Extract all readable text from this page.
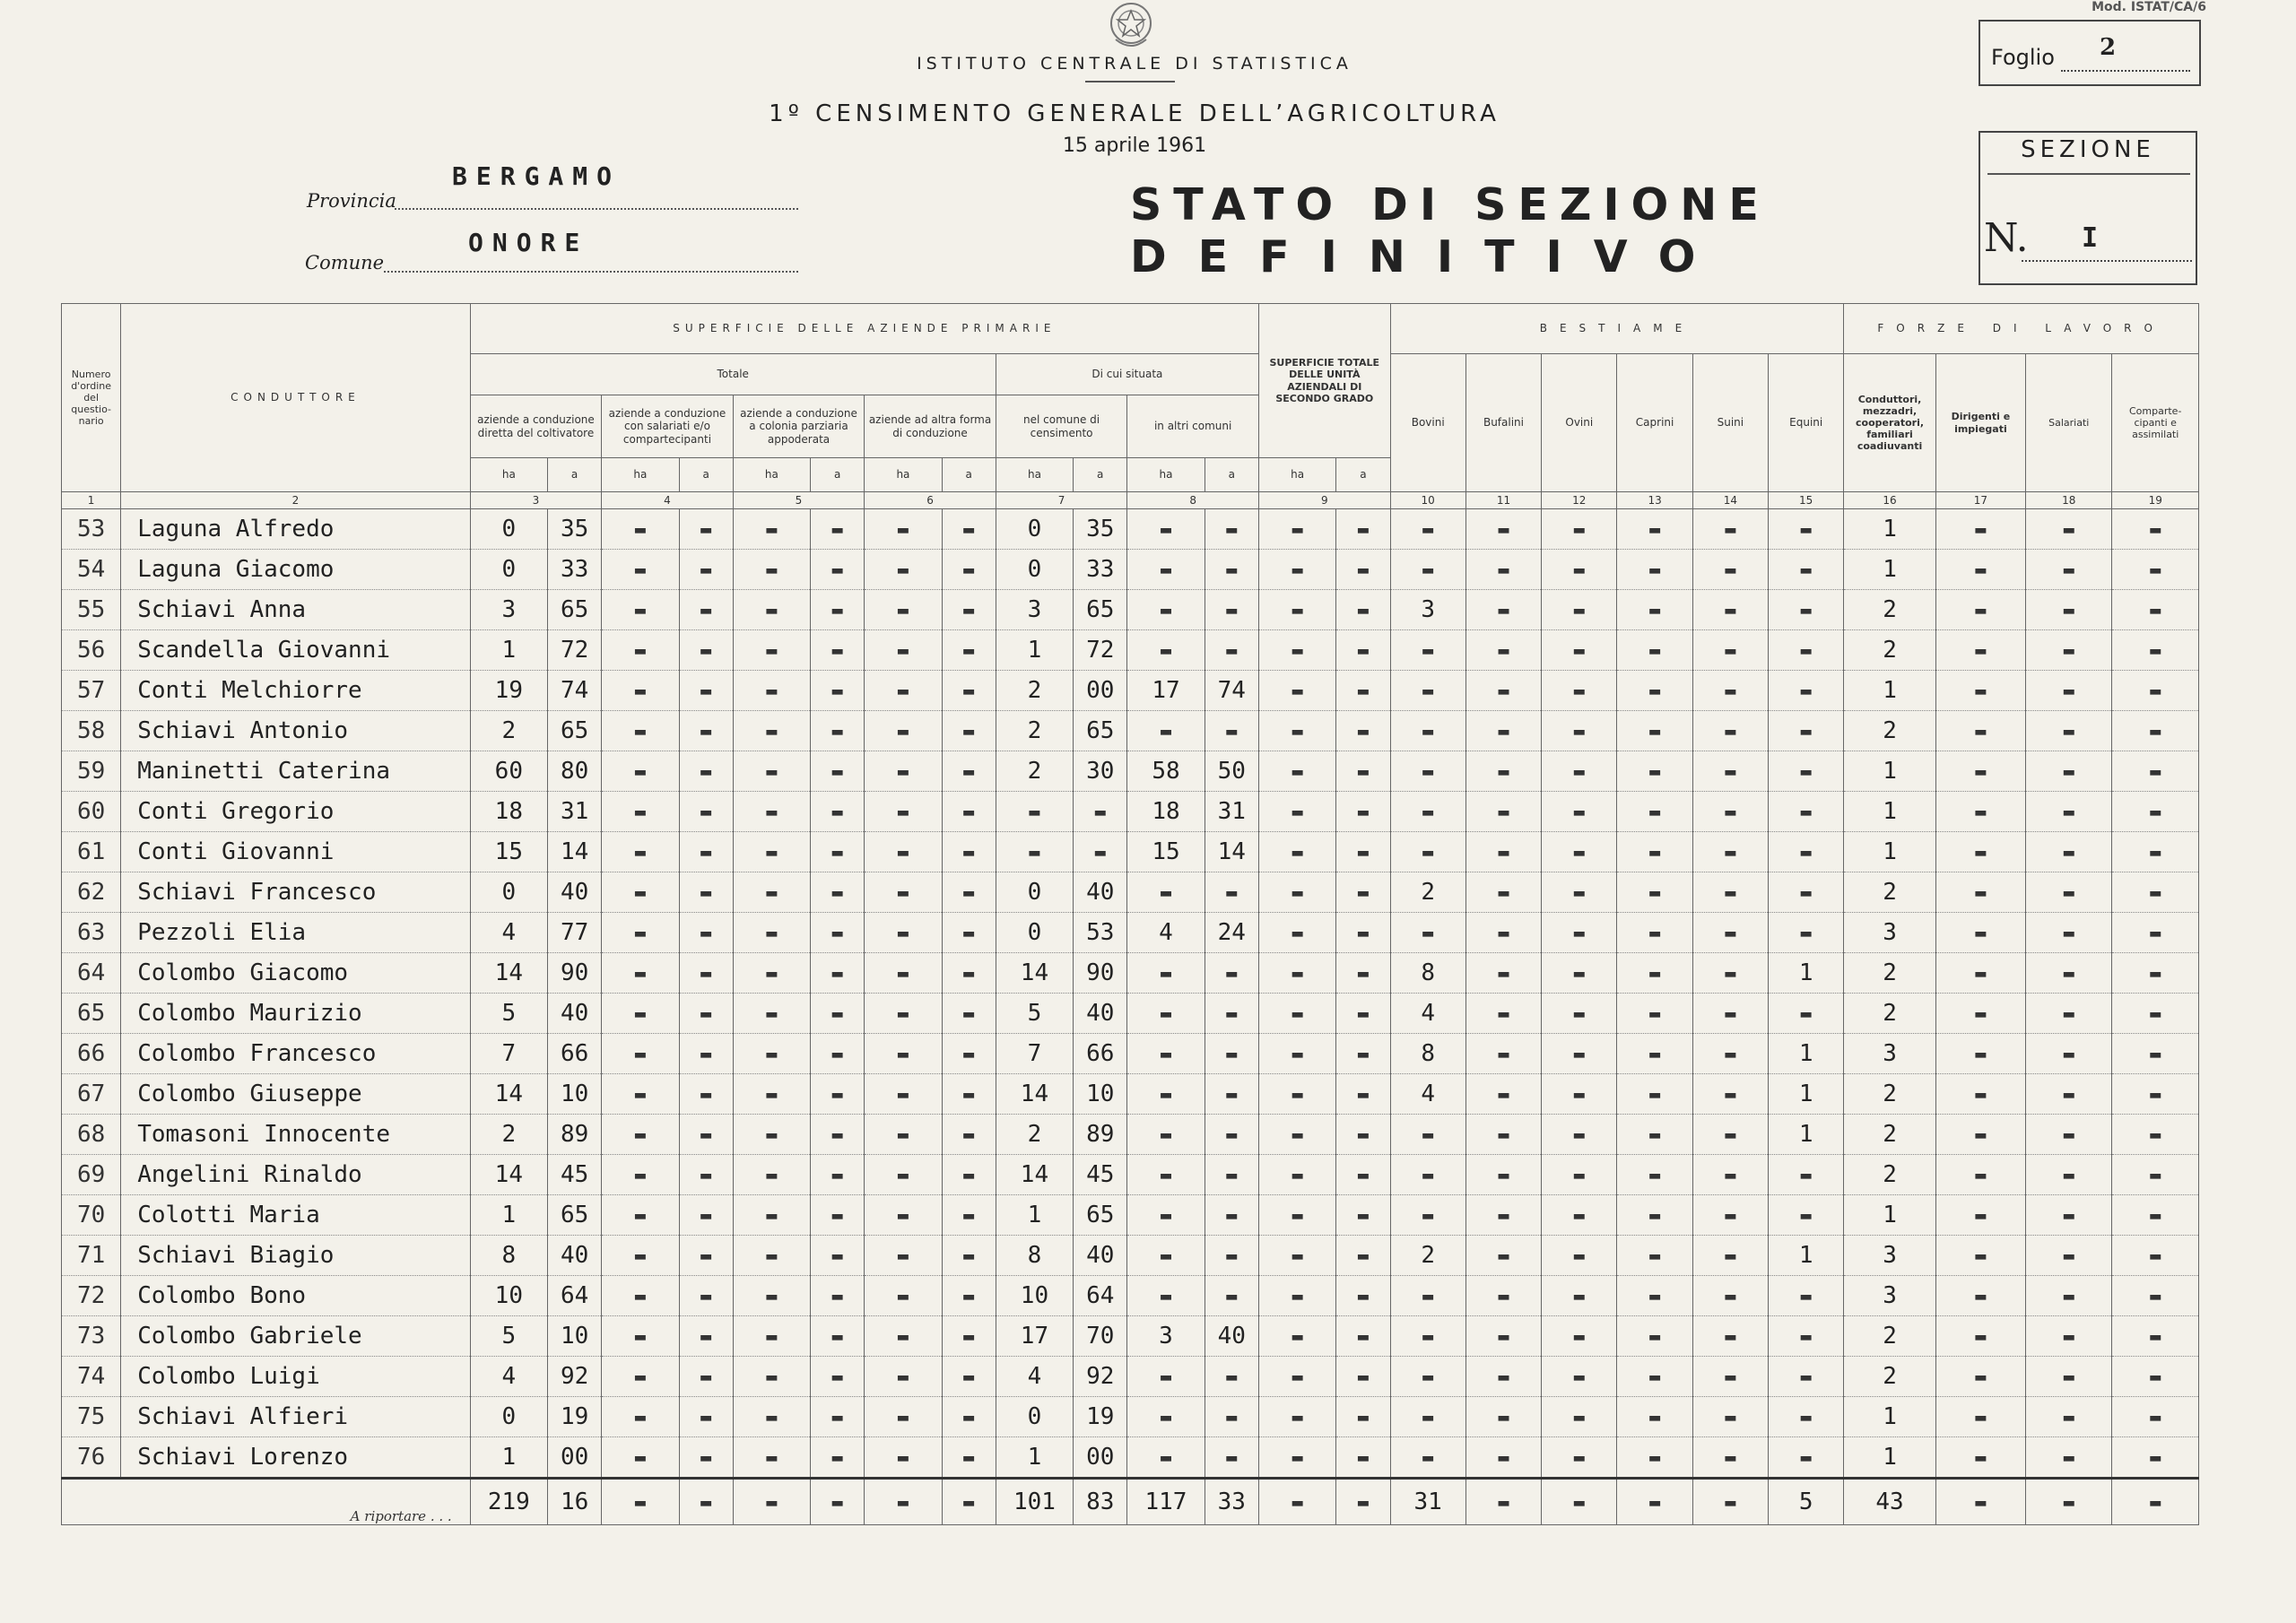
Mod. ISTAT/CA/6
ISTITUTO CENTRALE DI STATISTICA
1º CENSIMENTO GENERALE DELL’AGRICOLTURA
15 aprile 1961
Foglio	2
SEZIONE
N.	I
Provincia
BERGAMO
Comune
ONORE
STATO DI SEZIONE
DEFINITIVO
Numero d'ordine del questio-nario	CONDUTTORE	SUPERFICIE DELLE AZIENDE PRIMARIE												SUPERFICIE TOTALE DELLE UNITÀ AZIENDALI DI SECONDO GRADO		BESTIAME						FORZE DI LAVORO			
		Totale								Di cui situata						Bovini	Bufalini	Ovini	Caprini	Suini	Equini	Conduttori, mezzadri, cooperatori, familiari coadiuvanti	Dirigenti e impiegati	Salariati	Comparte-cipanti e assimilati
		aziende a conduzione diretta del coltivatore		aziende a conduzione con salariati e/o compartecipanti		aziende a conduzione a colonia parziaria appoderata		aziende ad altra forma di conduzione		nel comune di censimento		in altri comuni													
		ha	a	ha	a	ha	a	ha	a	ha	a	ha	a	ha	a										
1	2	3		4		5		6		7		8		9		10	11	12	13	14	15	16	17	18	19
53	Laguna Alfredo	0	35	▬	▬	▬	▬	▬	▬	0	35	▬	▬	▬	▬	▬	▬	▬	▬	▬	▬	1	▬	▬	▬
54	Laguna Giacomo	0	33	▬	▬	▬	▬	▬	▬	0	33	▬	▬	▬	▬	▬	▬	▬	▬	▬	▬	1	▬	▬	▬
55	Schiavi Anna	3	65	▬	▬	▬	▬	▬	▬	3	65	▬	▬	▬	▬	3	▬	▬	▬	▬	▬	2	▬	▬	▬
56	Scandella Giovanni	1	72	▬	▬	▬	▬	▬	▬	1	72	▬	▬	▬	▬	▬	▬	▬	▬	▬	▬	2	▬	▬	▬
57	Conti Melchiorre	19	74	▬	▬	▬	▬	▬	▬	2	00	17	74	▬	▬	▬	▬	▬	▬	▬	▬	1	▬	▬	▬
58	Schiavi Antonio	2	65	▬	▬	▬	▬	▬	▬	2	65	▬	▬	▬	▬	▬	▬	▬	▬	▬	▬	2	▬	▬	▬
59	Maninetti Caterina	60	80	▬	▬	▬	▬	▬	▬	2	30	58	50	▬	▬	▬	▬	▬	▬	▬	▬	1	▬	▬	▬
60	Conti Gregorio	18	31	▬	▬	▬	▬	▬	▬	▬	▬	18	31	▬	▬	▬	▬	▬	▬	▬	▬	1	▬	▬	▬
61	Conti Giovanni	15	14	▬	▬	▬	▬	▬	▬	▬	▬	15	14	▬	▬	▬	▬	▬	▬	▬	▬	1	▬	▬	▬
62	Schiavi Francesco	0	40	▬	▬	▬	▬	▬	▬	0	40	▬	▬	▬	▬	2	▬	▬	▬	▬	▬	2	▬	▬	▬
63	Pezzoli Elia	4	77	▬	▬	▬	▬	▬	▬	0	53	4	24	▬	▬	▬	▬	▬	▬	▬	▬	3	▬	▬	▬
64	Colombo Giacomo	14	90	▬	▬	▬	▬	▬	▬	14	90	▬	▬	▬	▬	8	▬	▬	▬	▬	1	2	▬	▬	▬
65	Colombo Maurizio	5	40	▬	▬	▬	▬	▬	▬	5	40	▬	▬	▬	▬	4	▬	▬	▬	▬	▬	2	▬	▬	▬
66	Colombo Francesco	7	66	▬	▬	▬	▬	▬	▬	7	66	▬	▬	▬	▬	8	▬	▬	▬	▬	1	3	▬	▬	▬
67	Colombo Giuseppe	14	10	▬	▬	▬	▬	▬	▬	14	10	▬	▬	▬	▬	4	▬	▬	▬	▬	1	2	▬	▬	▬
68	Tomasoni Innocente	2	89	▬	▬	▬	▬	▬	▬	2	89	▬	▬	▬	▬	▬	▬	▬	▬	▬	1	2	▬	▬	▬
69	Angelini Rinaldo	14	45	▬	▬	▬	▬	▬	▬	14	45	▬	▬	▬	▬	▬	▬	▬	▬	▬	▬	2	▬	▬	▬
70	Colotti Maria	1	65	▬	▬	▬	▬	▬	▬	1	65	▬	▬	▬	▬	▬	▬	▬	▬	▬	▬	1	▬	▬	▬
71	Schiavi Biagio	8	40	▬	▬	▬	▬	▬	▬	8	40	▬	▬	▬	▬	2	▬	▬	▬	▬	1	3	▬	▬	▬
72	Colombo Bono	10	64	▬	▬	▬	▬	▬	▬	10	64	▬	▬	▬	▬	▬	▬	▬	▬	▬	▬	3	▬	▬	▬
73	Colombo Gabriele	5	10	▬	▬	▬	▬	▬	▬	17	70	3	40	▬	▬	▬	▬	▬	▬	▬	▬	2	▬	▬	▬
74	Colombo Luigi	4	92	▬	▬	▬	▬	▬	▬	4	92	▬	▬	▬	▬	▬	▬	▬	▬	▬	▬	2	▬	▬	▬
75	Schiavi Alfieri	0	19	▬	▬	▬	▬	▬	▬	0	19	▬	▬	▬	▬	▬	▬	▬	▬	▬	▬	1	▬	▬	▬
76	Schiavi Lorenzo	1	00	▬	▬	▬	▬	▬	▬	1	00	▬	▬	▬	▬	▬	▬	▬	▬	▬	▬	1	▬	▬	▬
A riportare . . .		219	16	▬	▬	▬	▬	▬	▬	101	83	117	33	▬	▬	31	▬	▬	▬	▬	5	43	▬	▬	▬
